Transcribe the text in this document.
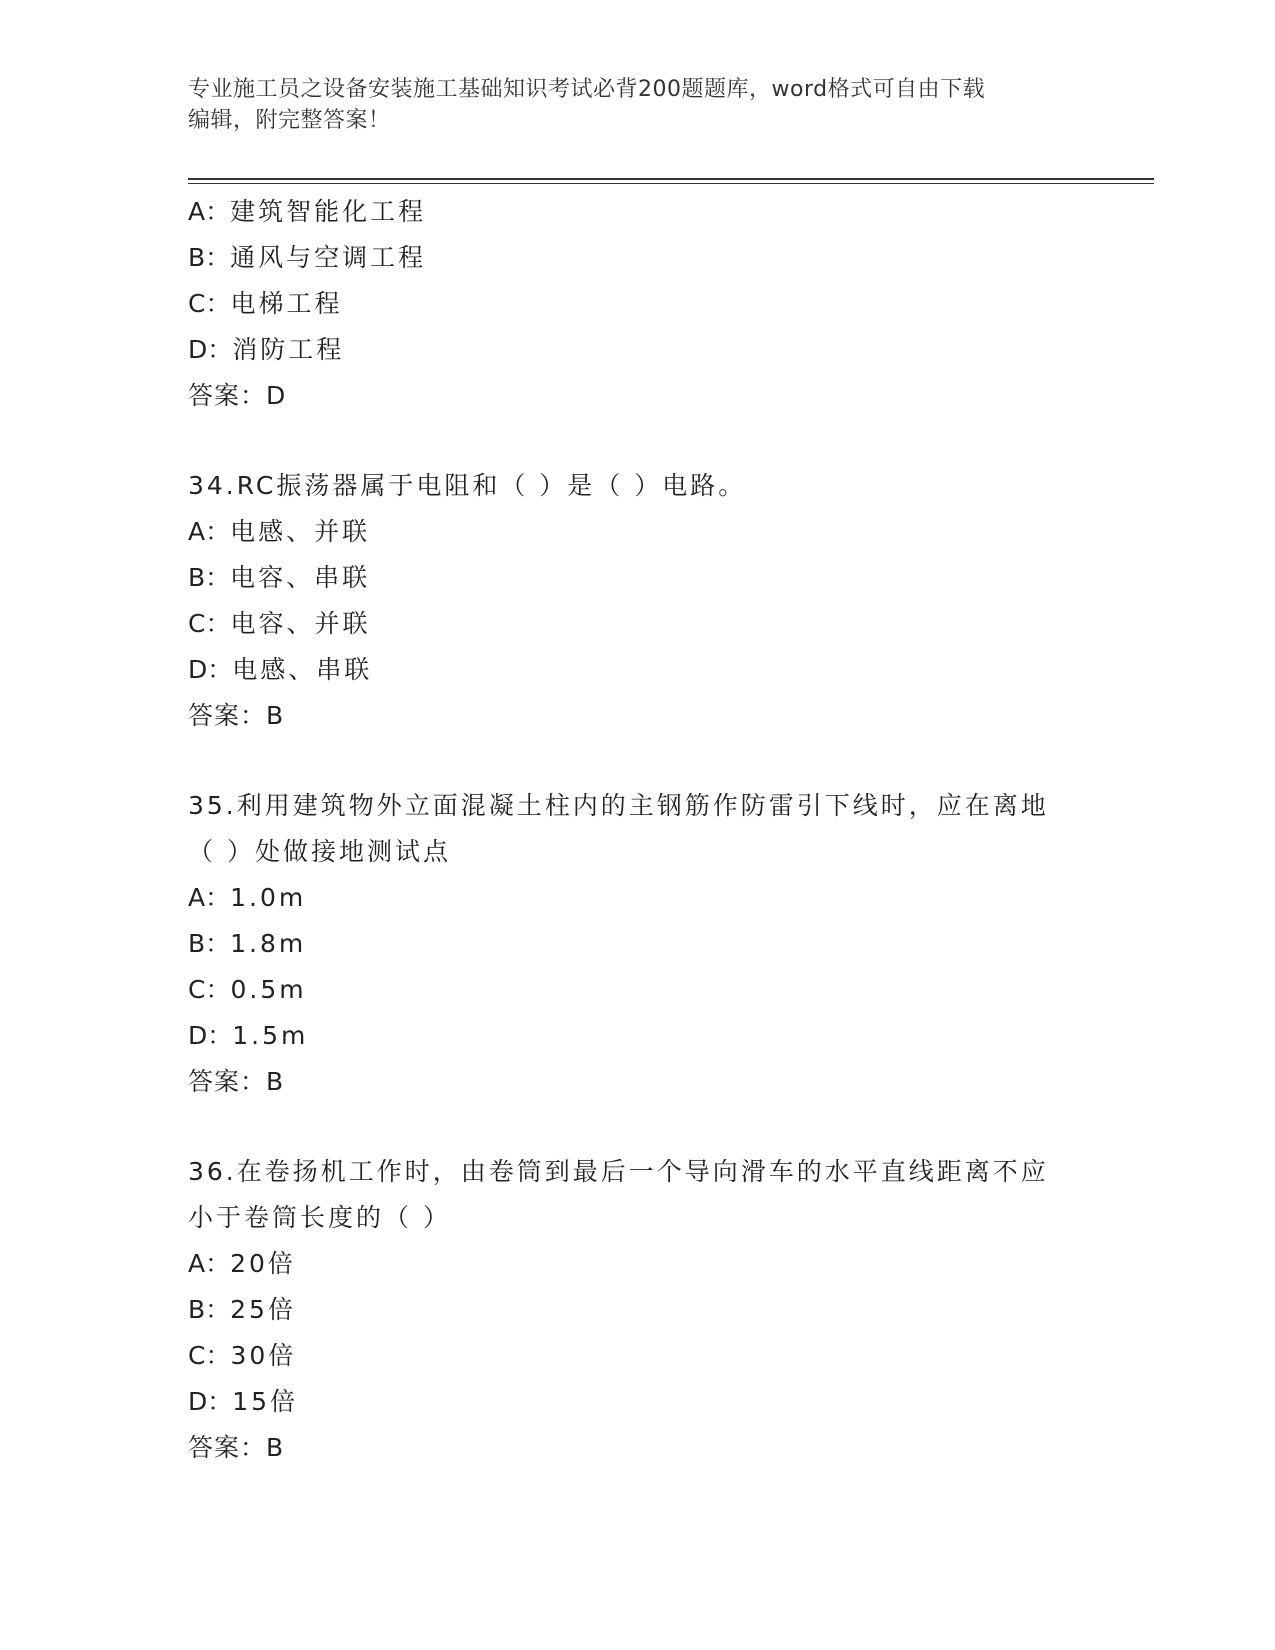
专业施工员之设备安装施工基础知识考试必背200题题库，word格式可自由下载
编辑，附完整答案！
A：建筑智能化工程
B：通风与空调工程
C：电梯工程
D：消防工程
答案：D
34.RC振荡器属于电阻和（ ）是（ ）电路。
A：电感、并联
B：电容、串联
C：电容、并联
D：电感、串联
答案：B
35.利用建筑物外立面混凝土柱内的主钢筋作防雷引下线时，应在离地
（ ）处做接地测试点
A：1.0m
B：1.8m
C：0.5m
D：1.5m
答案：B
36.在卷扬机工作时，由卷筒到最后一个导向滑车的水平直线距离不应
小于卷筒长度的（ ）
A：20倍
B：25倍
C：30倍
D：15倍
答案：B
